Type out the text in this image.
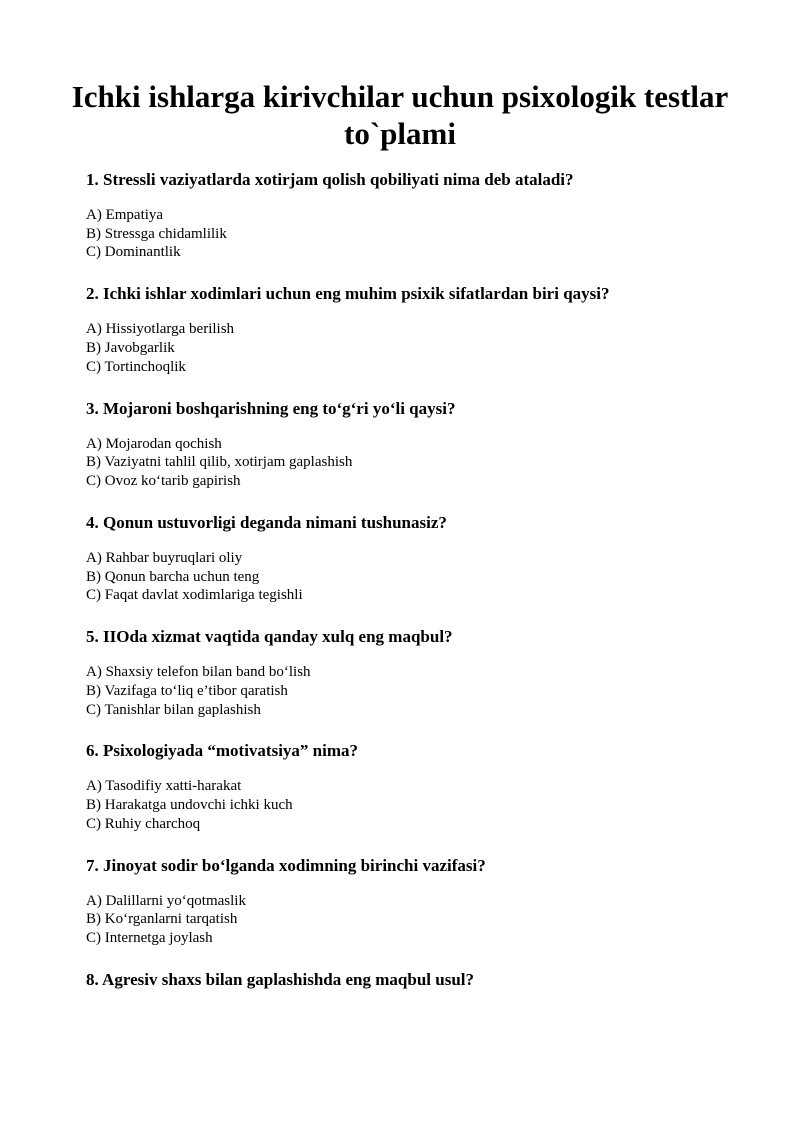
Ichki ishlarga kirivchilar uchun psixologik testlar to`plami

1. Stressli vaziyatlarda xotirjam qolish qobiliyati nima deb ataladi?

A) Empatiya
B) Stressga chidamlilik
C) Dominantlik

2. Ichki ishlar xodimlari uchun eng muhim psixik sifatlardan biri qaysi?

A) Hissiyotlarga berilish
B) Javobgarlik
C) Tortinchoqlik

3. Mojaroni boshqarishning eng to‘g‘ri yo‘li qaysi?

A) Mojarodan qochish
B) Vaziyatni tahlil qilib, xotirjam gaplashish
C) Ovoz ko‘tarib gapirish

4. Qonun ustuvorligi deganda nimani tushunasiz?

A) Rahbar buyruqlari oliy
B) Qonun barcha uchun teng
C) Faqat davlat xodimlariga tegishli

5. IIOda xizmat vaqtida qanday xulq eng maqbul?

A) Shaxsiy telefon bilan band bo‘lish
B) Vazifaga to‘liq e’tibor qaratish
C) Tanishlar bilan gaplashish

6. Psixologiyada “motivatsiya” nima?

A) Tasodifiy xatti-harakat
B) Harakatga undovchi ichki kuch
C) Ruhiy charchoq

7. Jinoyat sodir bo‘lganda xodimning birinchi vazifasi?

A) Dalillarni yo‘qotmaslik
B) Ko‘rganlarni tarqatish
C) Internetga joylash

8. Agresiv shaxs bilan gaplashishda eng maqbul usul?
